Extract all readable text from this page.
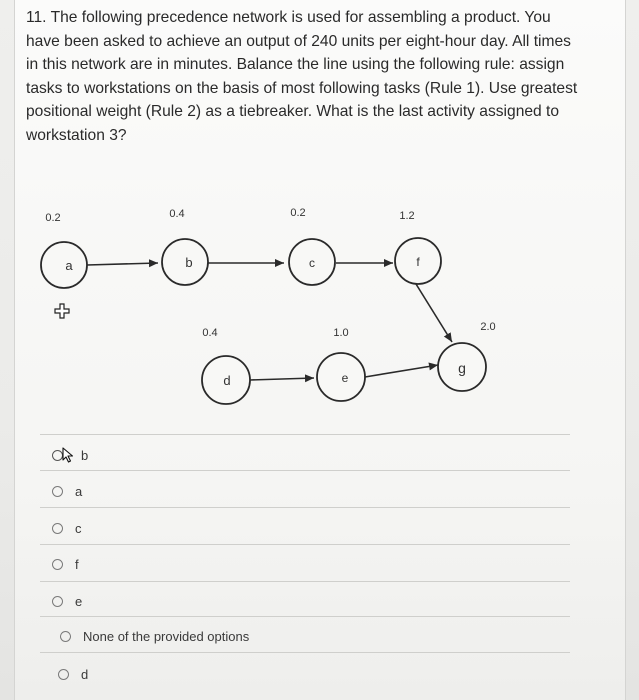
11. The following precedence network is used for assembling a product. You have been asked to achieve an output of 240 units per eight-hour day. All times in this network are in minutes. Balance the line using the following rule: assign tasks to workstations on the basis of most following tasks (Rule 1). Use greatest positional weight (Rule 2) as a tiebreaker. What is the last activity assigned to workstation 3?

a	b	c	f
d	e
g
0.2	0.4	0.2	1.2
0.4	1.0	2.0
b
a
c
f
e
None of the provided options
d
